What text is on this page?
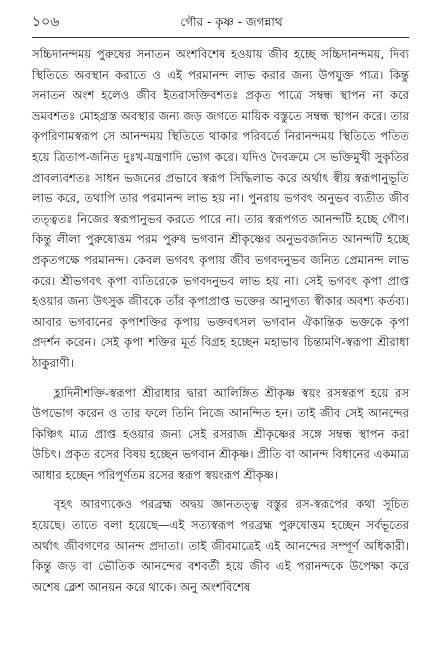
১০৬	গৌর - কৃষ্ণ - জগন্নাথ

সচ্চিদানন্দময় পুরুষের সনাতন অংশবিশেষ হওয়ায় জীব হচ্ছে সচ্চিদানন্দময়, দিব্য স্থিতিতে অবস্থান করাতে ও এই পরমানন্দ লাভ করার জন্য উপযুক্ত পাত্র। কিন্তু সনাতন অংশ হলেও জীব ইতরাসক্তিবশতঃ প্রকৃত পাত্রে সম্বন্ধ স্থাপন না করে ভ্রমবশতঃ মোহগ্রস্ত অবস্থার জন্য জড় জগতে মায়িক বস্তুতে সম্বন্ধ স্থাপন করে। তার কৃপরিণামস্বরূপ সে আনন্দময় স্থিতিতে থাকার পরিবর্তে নিরানন্দময় স্থিতিতে পতিত হয়ে ত্রিতাপ-জনিত দুঃখ-যন্ত্রণাদি ভোগ করে। যদিও দৈবক্রমে সে ভক্তিমুখী সুকৃতির প্রাবল্যবশতঃ সাধন ভজনের প্রভাবে স্বরূপ সিদ্ধিলাভ করে অর্থাৎ স্বীয় স্বরূপানুভূতি লাভ করে, তথাপি তার পরমানন্দ লাভ হয় না। পুনরায় ভগবৎ অনুভব ব্যতীত জীব তত্ত্বতঃ নিজের স্বরূপানুভব করতে পারে না। তার স্বরূপগত আনন্দটি হচ্ছে গৌণ। কিন্তু লীলা পুরুষোত্তম পরম পুরুষ ভগবান শ্রীকৃষ্ণের অনুভবজনিত আনন্দটি হচ্ছে প্রকৃতপক্ষে পরমানন্দ। কেবল ভগবৎ কৃপায় জীব ভগবদনুভব জনিত প্রেমানন্দ লাভ করে। শ্রীভগবৎ কৃপা ব্যতিরেকে ভগবদনুভব লাভ হয় না। সেই ভগবৎ কৃপা প্রাপ্ত হওয়ার জন্য উৎসুক জীবকে তাঁর কৃপাপ্রাপ্ত ভক্তের আনুগত্য স্বীকার অবশ্য কর্তব্য। আবার ভগবানের কৃপাশক্তির কৃপায় ভক্তবৎসল ভগবান ঐকান্তিক ভক্তকে কৃপা প্রদর্শন করেন। সেই কৃপা শক্তির মূর্ত বিগ্রহ হচ্ছেন মহাভাব চিন্তামণি-স্বরূপা শ্রীরাধা ঠাকুরাণী।

হ্লাদিনীশক্তি-স্বরূপা শ্রীরাধার দ্বারা আলিঙ্গিত শ্রীকৃষ্ণ স্বয়ং রসস্বরূপ হয়ে রস উপভোগ করেন ও তার ফলে তিনি নিজে আনন্দিত হন। তাই জীব সেই আনন্দের কিঞ্চিৎ মাত্র প্রাপ্ত হওয়ার জন্য সেই রসরাজ শ্রীকৃষ্ণের সঙ্গে সম্বন্ধ স্থাপন করা উচিৎ। প্রকৃত রসের বিষয় হচ্ছেন ভগবান শ্রীকৃষ্ণ। প্রীতি বা আনন্দ বিধানের একমাত্র আধার হচ্ছেন পরিপূর্ণতম রসের স্বরূপ স্বয়ংরূপ শ্রীকৃষ্ণ।

বৃহৎ আরণ্যকেও পরব্রহ্ম অদ্বয় জ্ঞানতত্ত্ব বস্তুর রস-স্বরূপের কথা সূচিত হয়েছে। তাতে বলা হয়েছে—এই সত্যস্বরূপ পরব্রহ্ম পুরুষোত্তম হচ্ছেন সর্বভূতের অর্থাৎ জীবগণের আনন্দ প্রদাতা। তাই জীবমাত্রেই এই আনন্দের সম্পূর্ণ অধিকারী। কিন্তু জড় বা ভৌতিক আনন্দের বশবর্তী হয়ে জীব এই পরানন্দকে উপেক্ষা করে অশেষ ক্লেশ আনয়ন করে থাকে। অনু অংশবিশেষ
